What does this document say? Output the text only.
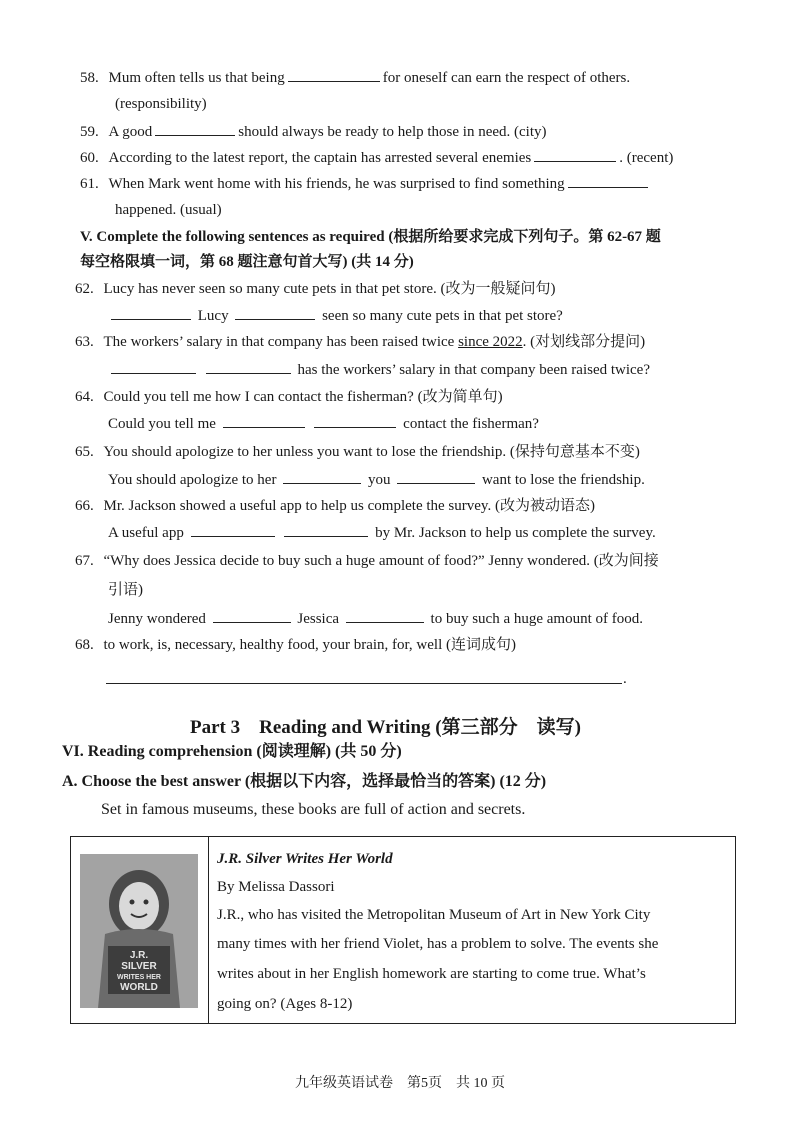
58. Mum often tells us that being	for oneself can earn the respect of others.
(responsibility)
59. A good	should always be ready to help those in need. (city)
60. According to the latest report, the captain has arrested several enemies	. (recent)
61. When Mark went home with his friends, he was surprised to find something
happened. (usual)
V. Complete the following sentences as required (根据所给要求完成下列句子。第 62-67 题
每空格限填一词，第 68 题注意句首大写) (共 14 分)
62. Lucy has never seen so many cute pets in that pet store. (改为一般疑问句)
Lucy	seen so many cute pets in that pet store?
63. The workers’ salary in that company has been raised twice since 2022. (对划线部分提问)
has the workers’ salary in that company been raised twice?
64. Could you tell me how I can contact the fisherman? (改为简单句)
Could you tell me	contact the fisherman?
65. You should apologize to her unless you want to lose the friendship. (保持句意基本不变)
You should apologize to her	you	want to lose the friendship.
66. Mr. Jackson showed a useful app to help us complete the survey. (改为被动语态)
A useful app	by Mr. Jackson to help us complete the survey.
67. “Why does Jessica decide to buy such a huge amount of food?” Jenny wondered. (改为间接
引语)
Jenny wondered	Jessica	to buy such a huge amount of food.
68. to work, is, necessary, healthy food, your brain, for, well (连词成句)
.
Part 3    Reading and Writing (第三部分    读写)
VI. Reading comprehension (阅读理解) (共 50 分)
A. Choose the best answer (根据以下内容，选择最恰当的答案) (12 分)
Set in famous museums, these books are full of action and secrets.
J.R.
SILVER
WRITES HER
WORLD
J.R. Silver Writes Her World
By Melissa Dassori
J.R., who has visited the Metropolitan Museum of Art in New York City
many times with her friend Violet, has a problem to solve. The events she
writes about in her English homework are starting to come true. What’s
going on? (Ages 8-12)
九年级英语试卷    第5页    共 10 页
